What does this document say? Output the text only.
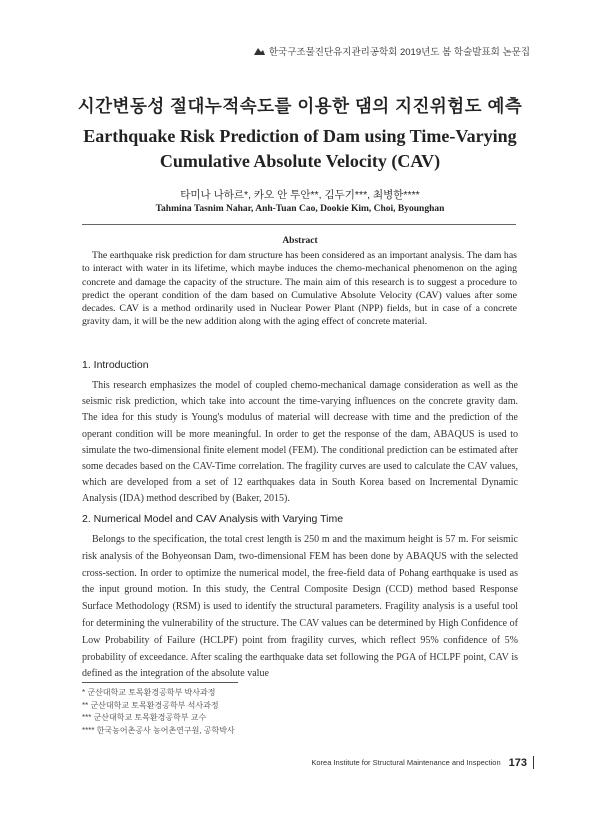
한국구조물진단유지관리공학회 2019년도 봄 학술발표회 논문집
시간변동성 절대누적속도를 이용한 댐의 지진위험도 예측
Earthquake Risk Prediction of Dam using Time-Varying Cumulative Absolute Velocity (CAV)
타미나 나하르*, 카오 안 투안**, 김두기***, 최병한****
Tahmina Tasnim Nahar, Anh-Tuan Cao, Dookie Kim, Choi, Byounghan
Abstract
The earthquake risk prediction for dam structure has been considered as an important analysis. The dam has to interact with water in its lifetime, which maybe induces the chemo-mechanical phenomenon on the aging concrete and damage the capacity of the structure. The main aim of this research is to suggest a procedure to predict the operant condition of the dam based on Cumulative Absolute Velocity (CAV) values after some decades. CAV is a method ordinarily used in Nuclear Power Plant (NPP) fields, but in case of a concrete gravity dam, it will be the new addition along with the aging effect of concrete material.
1. Introduction
This research emphasizes the model of coupled chemo-mechanical damage consideration as well as the seismic risk prediction, which take into account the time-varying influences on the concrete gravity dam. The idea for this study is Young's modulus of material will decrease with time and the prediction of the operant condition will be more meaningful. In order to get the response of the dam, ABAQUS is used to simulate the two-dimensional finite element model (FEM). The conditional prediction can be estimated after some decades based on the CAV-Time correlation. The fragility curves are used to calculate the CAV values, which are developed from a set of 12 earthquakes data in South Korea based on Incremental Dynamic Analysis (IDA) method described by (Baker, 2015).
2. Numerical Model and CAV Analysis with Varying Time
Belongs to the specification, the total crest length is 250 m and the maximum height is 57 m. For seismic risk analysis of the Bohyeonsan Dam, two-dimensional FEM has been done by ABAQUS with the selected cross-section. In order to optimize the numerical model, the free-field data of Pohang earthquake is used as the input ground motion. In this study, the Central Composite Design (CCD) method based Response Surface Methodology (RSM) is used to identify the structural parameters. Fragility analysis is a useful tool for determining the vulnerability of the structure. The CAV values can be determined by High Confidence of Low Probability of Failure (HCLPF) point from fragility curves, which reflect 95% confidence of 5% probability of exceedance. After scaling the earthquake data set following the PGA of HCLPF point, CAV is defined as the integration of the absolute value
* 군산대학교 토목환경공학부 박사과정
** 군산대학교 토목환경공학부 석사과정
*** 군산대학교 토목환경공학부 교수
**** 한국농어촌공사 농어촌연구원, 공학박사
Korea Institute for Structural Maintenance and Inspection 173
